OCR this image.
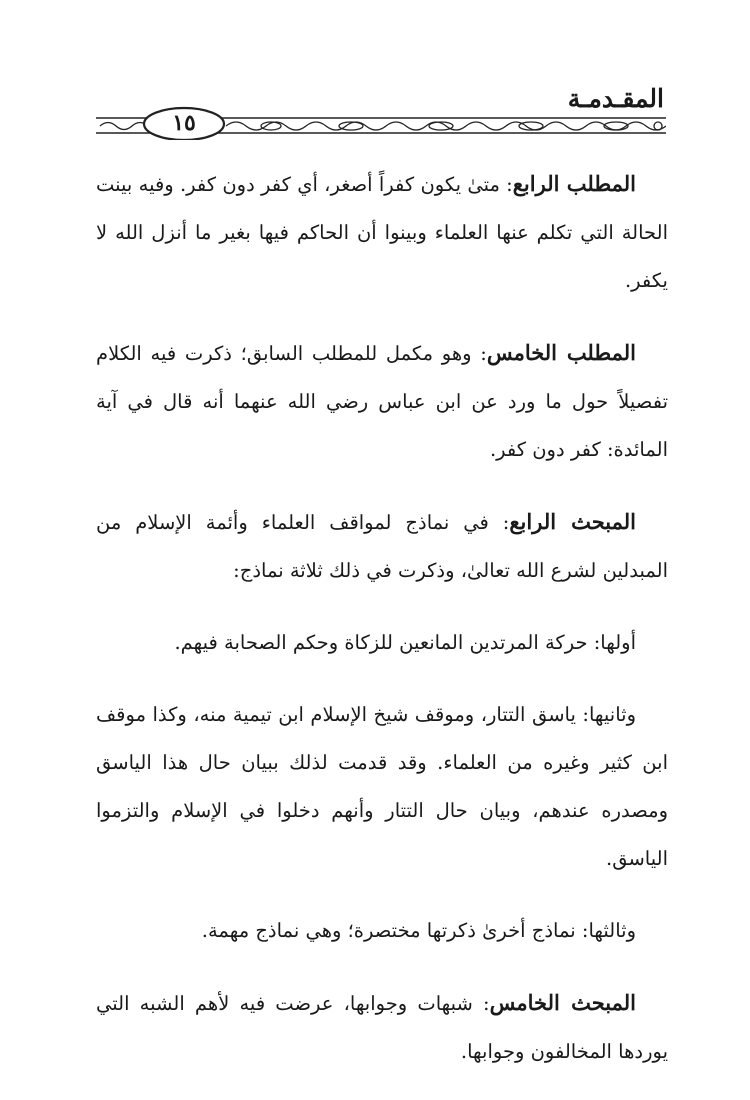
المقـدمـة
١٥

المطلب الرابع: متىٰ يكون كفراً أصغر، أي كفر دون كفر. وفيه بينت الحالة التي تكلم عنها العلماء وبينوا أن الحاكم فيها بغير ما أنزل الله لا يكفر.

المطلب الخامس: وهو مكمل للمطلب السابق؛ ذكرت فيه الكلام تفصيلاً حول ما ورد عن ابن عباس رضي الله عنهما أنه قال في آية المائدة: كفر دون كفر.

المبحث الرابع: في نماذج لمواقف العلماء وأئمة الإسلام من المبدلين لشرع الله تعالىٰ، وذكرت في ذلك ثلاثة نماذج:

أولها: حركة المرتدين المانعين للزكاة وحكم الصحابة فيهم.

وثانيها: ياسق التتار، وموقف شيخ الإسلام ابن تيمية منه، وكذا موقف ابن كثير وغيره من العلماء. وقد قدمت لذلك ببيان حال هذا الياسق ومصدره عندهم، وبيان حال التتار وأنهم دخلوا في الإسلام والتزموا الياسق.

وثالثها: نماذج أخرىٰ ذكرتها مختصرة؛ وهي نماذج مهمة.

المبحث الخامس: شبهات وجوابها، عرضت فيه لأهم الشبه التي يوردها المخالفون وجوابها.
